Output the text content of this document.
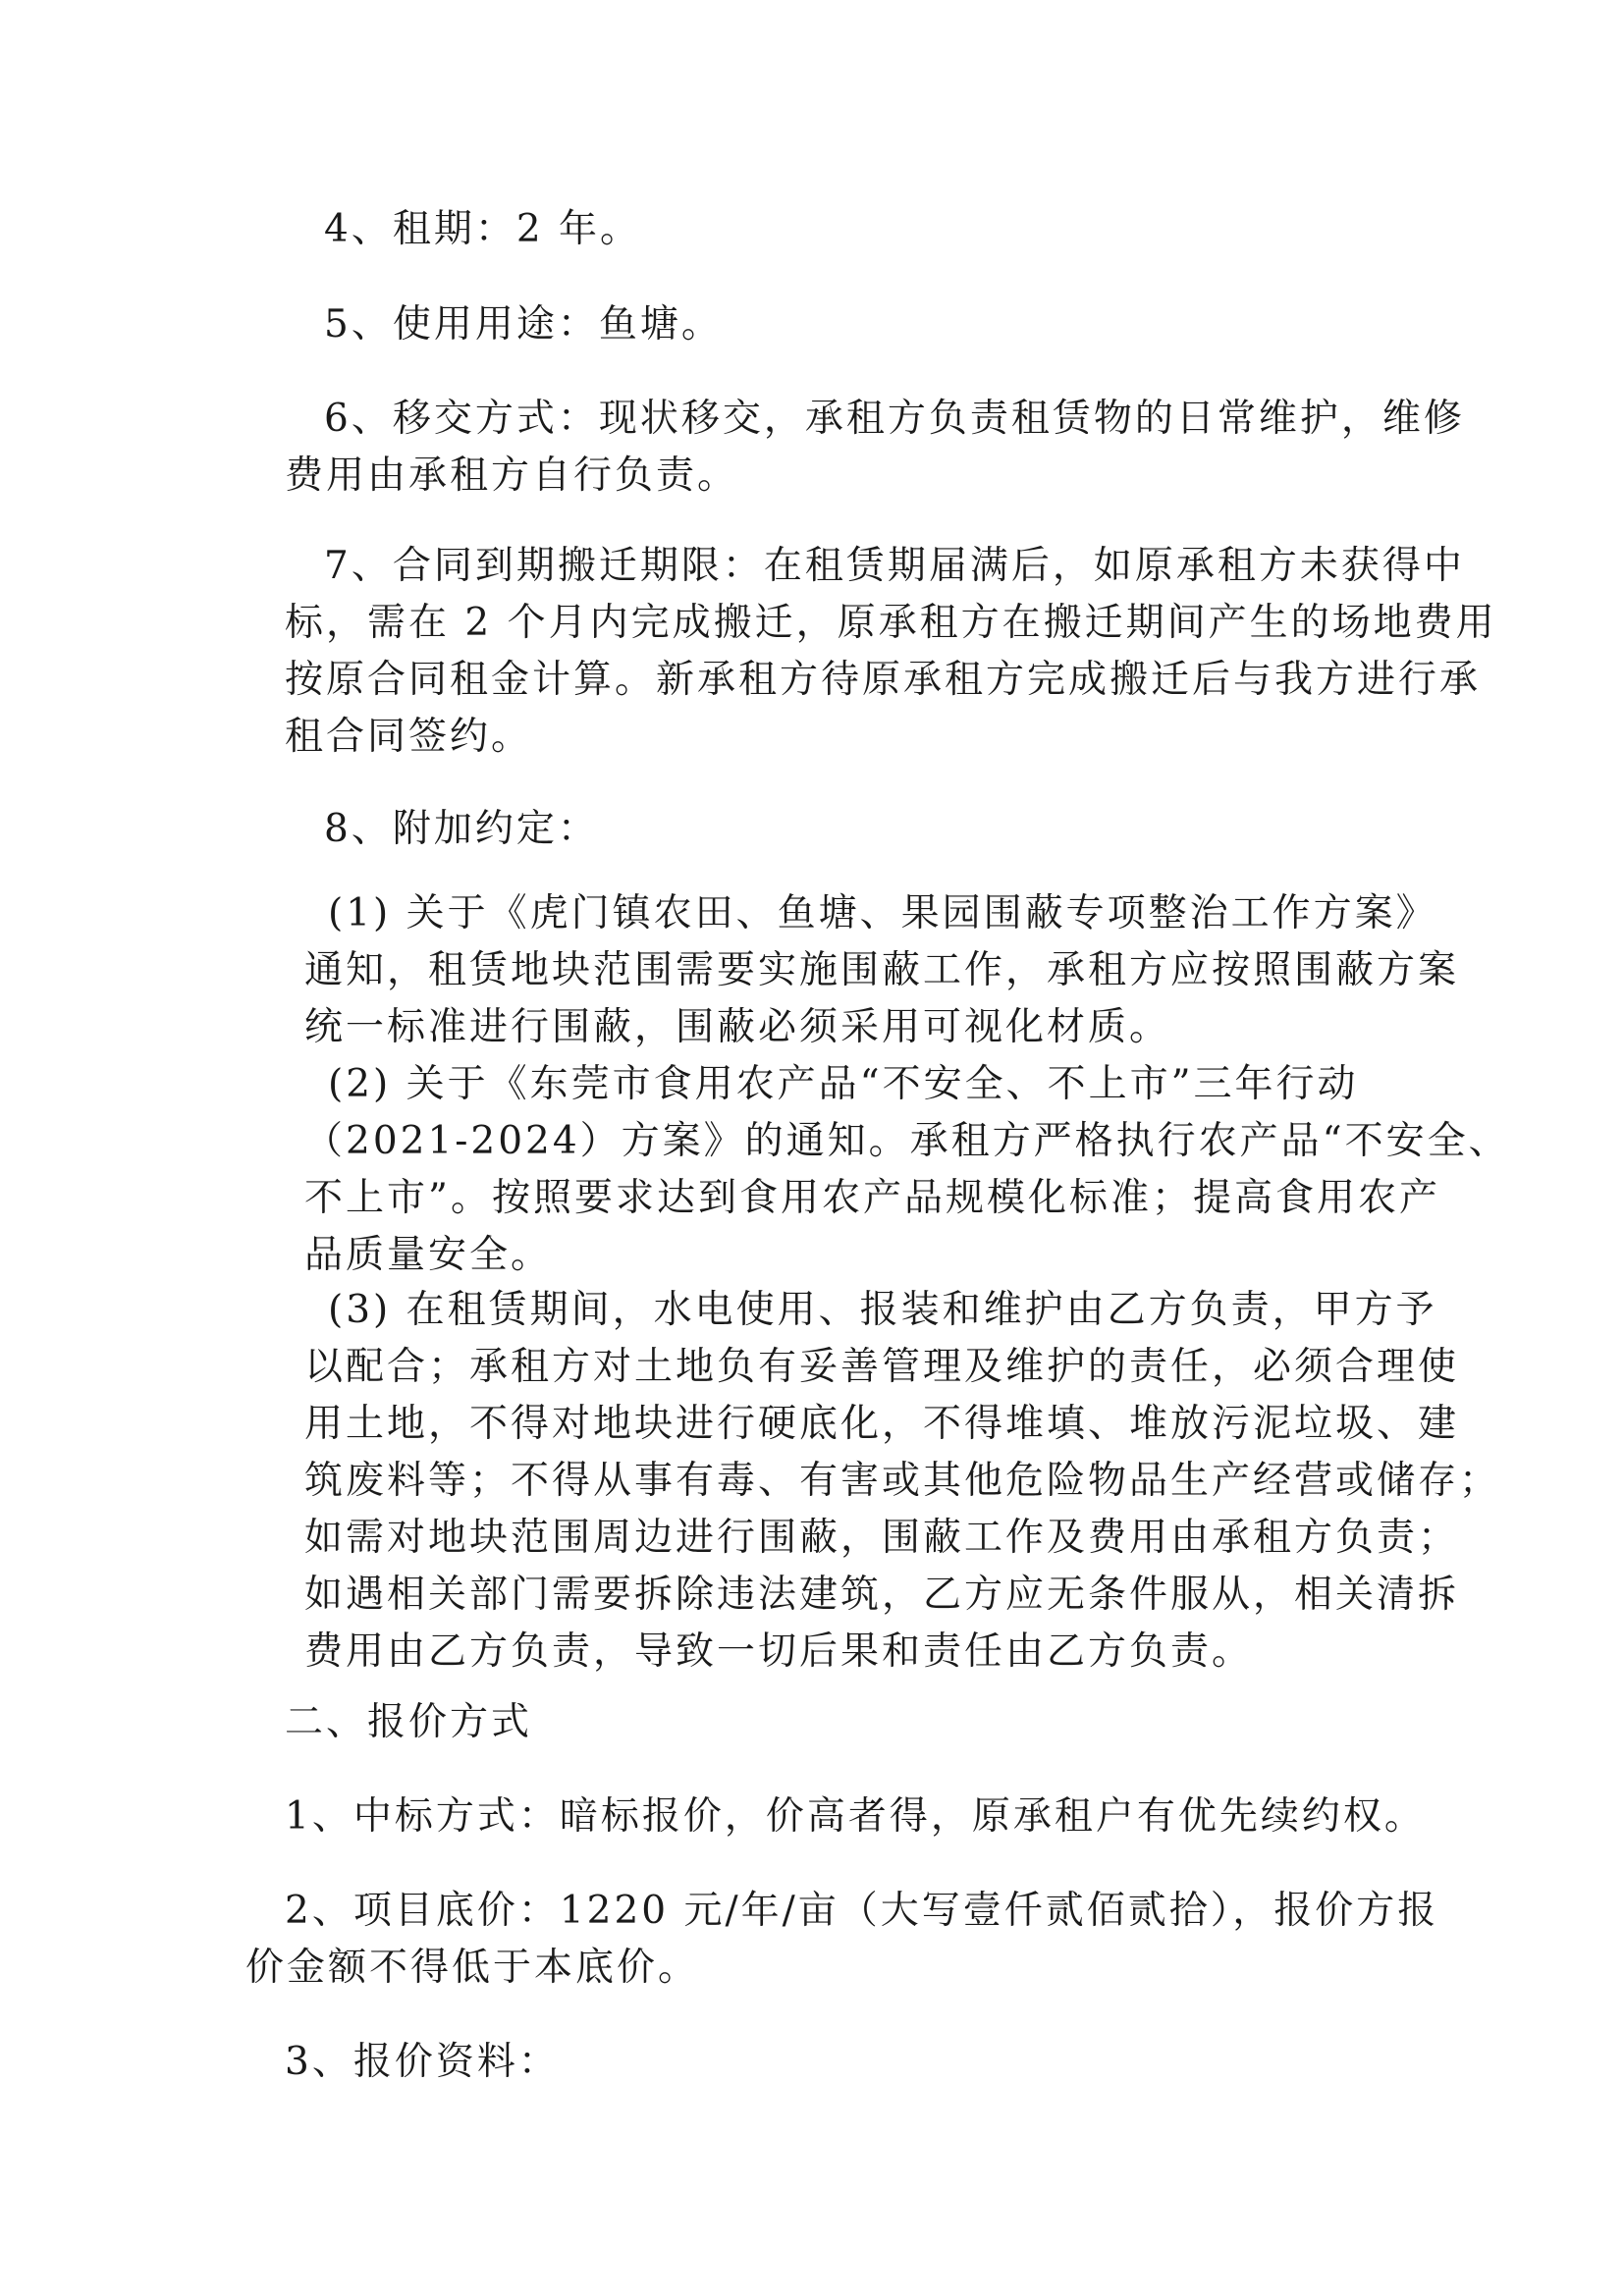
4、租期：2 年。
5、使用用途：鱼塘。
6、移交方式：现状移交，承租方负责租赁物的日常维护，维修
费用由承租方自行负责。
7、合同到期搬迁期限：在租赁期届满后，如原承租方未获得中
标，需在 2 个月内完成搬迁，原承租方在搬迁期间产生的场地费用
按原合同租金计算。新承租方待原承租方完成搬迁后与我方进行承
租合同签约。
8、附加约定：
(1) 关于《虎门镇农田、鱼塘、果园围蔽专项整治工作方案》
通知，租赁地块范围需要实施围蔽工作，承租方应按照围蔽方案
统一标准进行围蔽，围蔽必须采用可视化材质。
(2) 关于《东莞市食用农产品“不安全、不上市”三年行动
（2021-2024）方案》的通知。承租方严格执行农产品“不安全、
不上市”。按照要求达到食用农产品规模化标准；提高食用农产
品质量安全。
(3) 在租赁期间，水电使用、报装和维护由乙方负责，甲方予
以配合；承租方对土地负有妥善管理及维护的责任，必须合理使
用土地，不得对地块进行硬底化，不得堆填、堆放污泥垃圾、建
筑废料等；不得从事有毒、有害或其他危险物品生产经营或储存；
如需对地块范围周边进行围蔽，围蔽工作及费用由承租方负责；
如遇相关部门需要拆除违法建筑，乙方应无条件服从，相关清拆
费用由乙方负责，导致一切后果和责任由乙方负责。
二、报价方式
1、中标方式：暗标报价，价高者得，原承租户有优先续约权。
2、项目底价：1220 元/年/亩（大写壹仟贰佰贰拾），报价方报
价金额不得低于本底价。
3、报价资料：
